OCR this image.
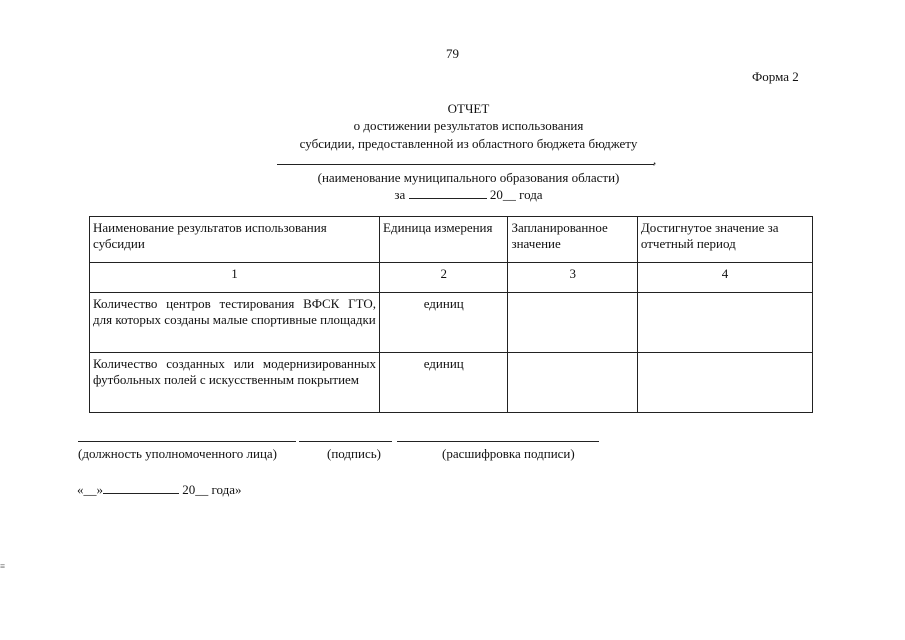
79
Форма 2
ОТЧЕТ
о достижении результатов использования
субсидии, предоставленной из областного бюджета бюджету
,
(наименование муниципального образования области)
за	20__ года
Наименование результатов использования субсидии	Единица измерения	Запланированное значение	Достигнутое значение за отчетный период
1	2	3	4
Количество центров тестирования ВФСК ГТО, для которых созданы малые спортивные площадки	единиц		
Количество созданных или модернизированных футбольных полей с искусственным покрытием	единиц		
(должность уполномоченного лица)	(подпись)	(расшифровка подписи)
«__»	20__ года»
≡
